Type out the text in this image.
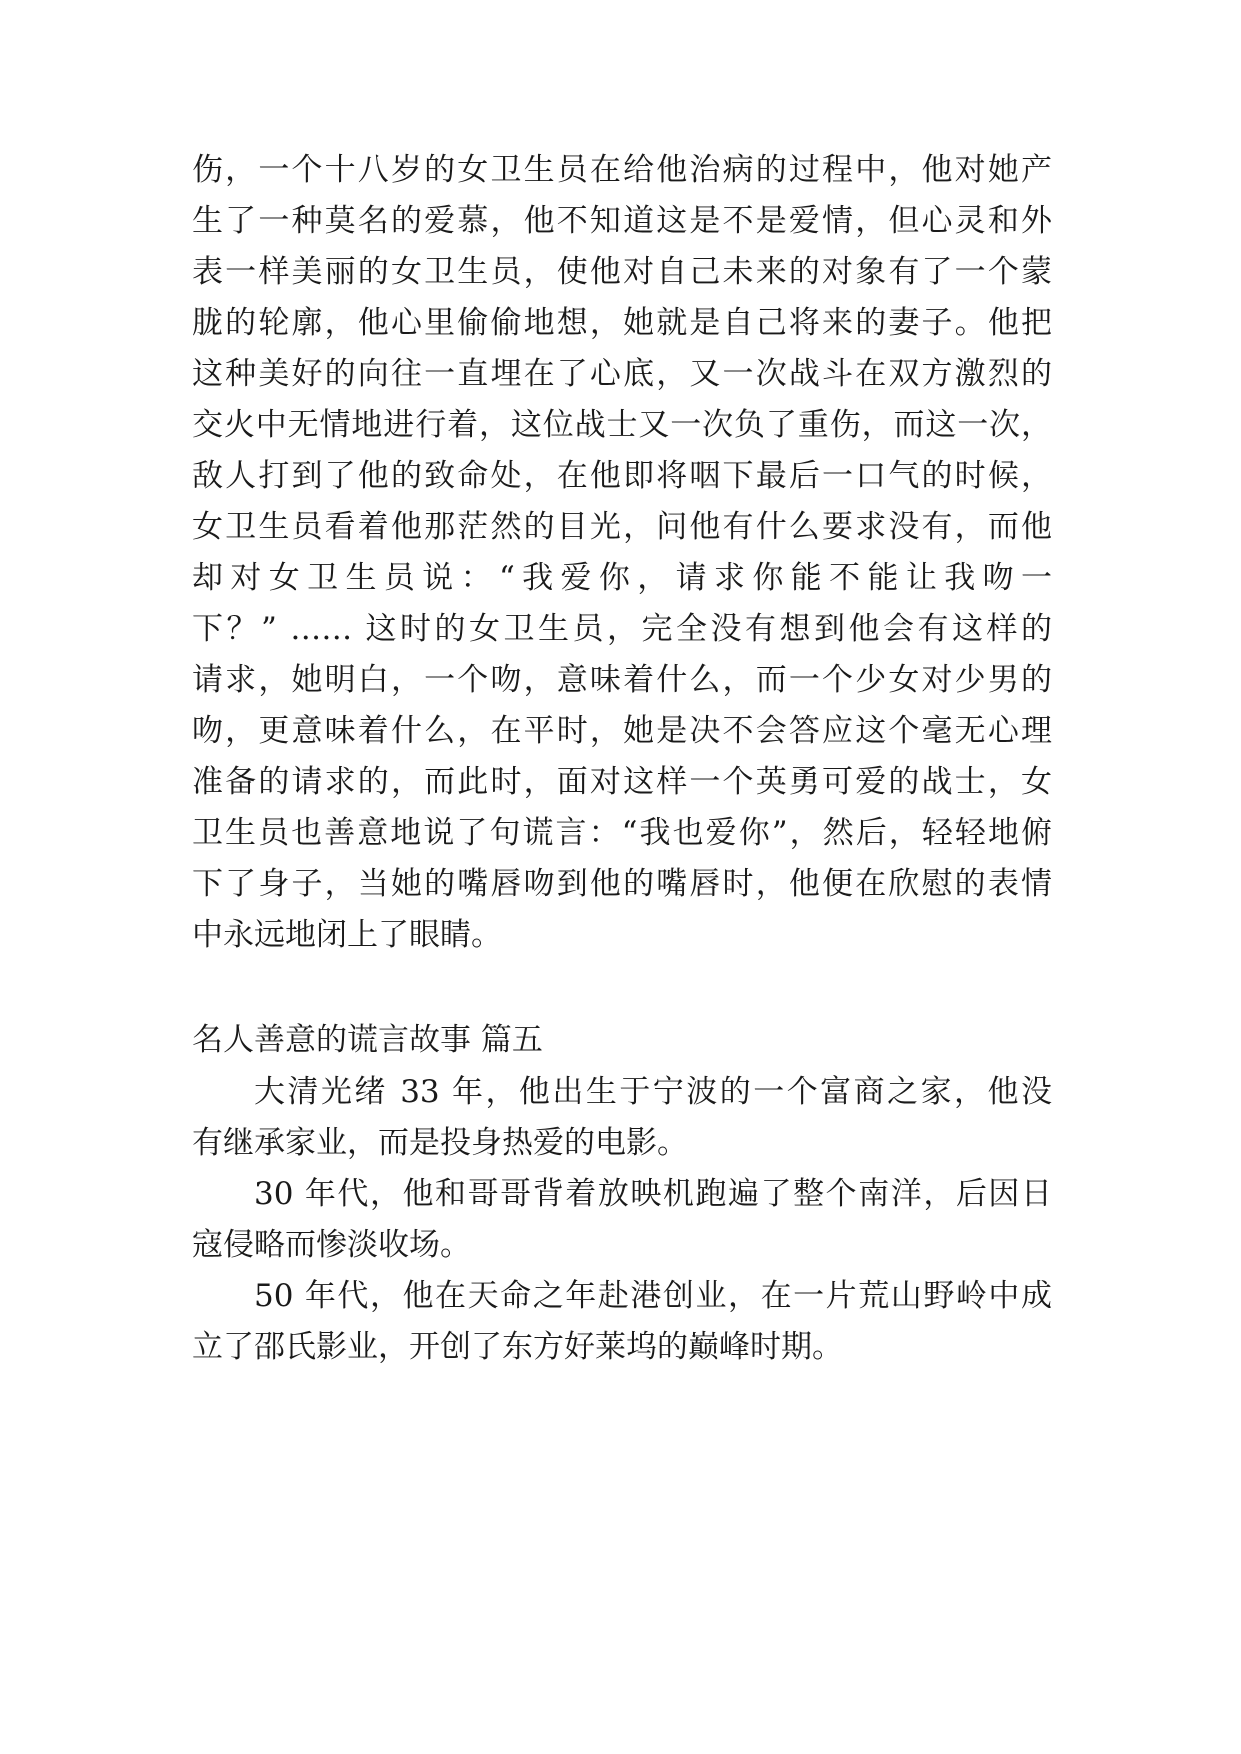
伤，一个十八岁的女卫生员在给他治病的过程中，他对她产
生了一种莫名的爱慕，他不知道这是不是爱情，但心灵和外
表一样美丽的女卫生员，使他对自己未来的对象有了一个蒙
胧的轮廓，他心里偷偷地想，她就是自己将来的妻子。他把
这种美好的向往一直埋在了心底，又一次战斗在双方激烈的
交火中无情地进行着，这位战士又一次负了重伤，而这一次，
敌人打到了他的致命处，在他即将咽下最后一口气的时候，
女卫生员看着他那茫然的目光，问他有什么要求没有，而他
却对女卫生员说：“我爱你，请求你能不能让我吻一
下？” …… 这时的女卫生员，完全没有想到他会有这样的
请求，她明白，一个吻，意味着什么，而一个少女对少男的
吻，更意味着什么，在平时，她是决不会答应这个毫无心理
准备的请求的，而此时，面对这样一个英勇可爱的战士，女
卫生员也善意地说了句谎言：“我也爱你”，然后，轻轻地俯
下了身子，当她的嘴唇吻到他的嘴唇时，他便在欣慰的表情
中永远地闭上了眼睛。
名人善意的谎言故事 篇五
大清光绪 33 年，他出生于宁波的一个富商之家，他没
有继承家业，而是投身热爱的电影。
30 年代，他和哥哥背着放映机跑遍了整个南洋，后因日
寇侵略而惨淡收场。
50 年代，他在天命之年赴港创业，在一片荒山野岭中成
立了邵氏影业，开创了东方好莱坞的巅峰时期。
